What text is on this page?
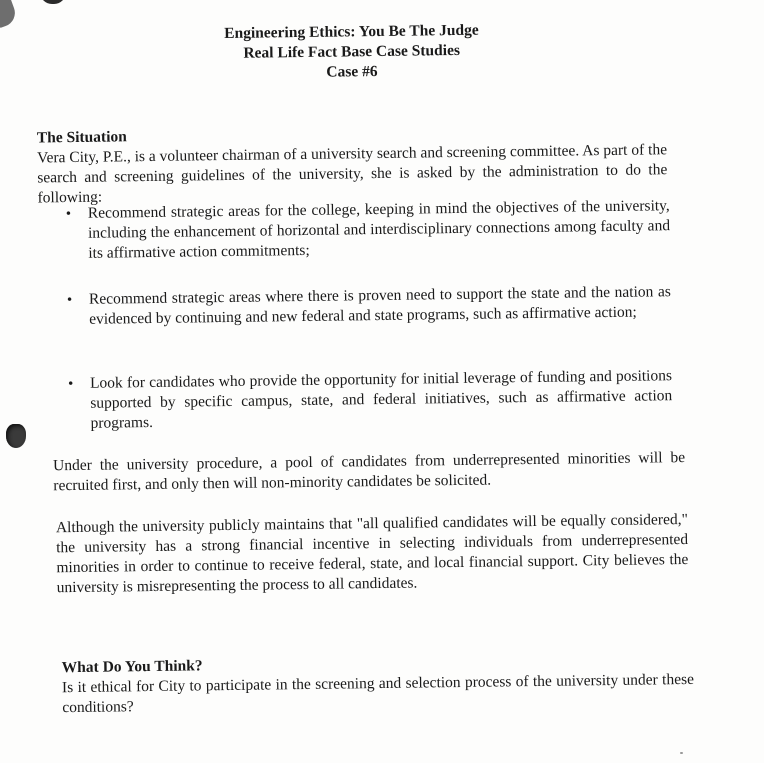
Engineering Ethics: You Be The Judge
Real Life Fact Base Case Studies
Case #6
The Situation
Vera City, P.E., is a volunteer chairman of a university search and screening committee. As part of the search and screening guidelines of the university, she is asked by the administration to do the following:
•	Recommend strategic areas for the college, keeping in mind the objectives of the university, including the enhancement of horizontal and interdisciplinary connections among faculty and its affirmative action commitments;
•	Recommend strategic areas where there is proven need to support the state and the nation as evidenced by continuing and new federal and state programs, such as affirmative action;
•	Look for candidates who provide the opportunity for initial leverage of funding and positions supported by specific campus, state, and federal initiatives, such as affirmative action programs.
Under the university procedure, a pool of candidates from underrepresented minorities will be recruited first, and only then will non-minority candidates be solicited.
Although the university publicly maintains that "all qualified candidates will be equally considered," the university has a strong financial incentive in selecting individuals from underrepresented minorities in order to continue to receive federal, state, and local financial support. City believes the university is misrepresenting the process to all candidates.
What Do You Think?
Is it ethical for City to participate in the screening and selection process of the university under these conditions?
